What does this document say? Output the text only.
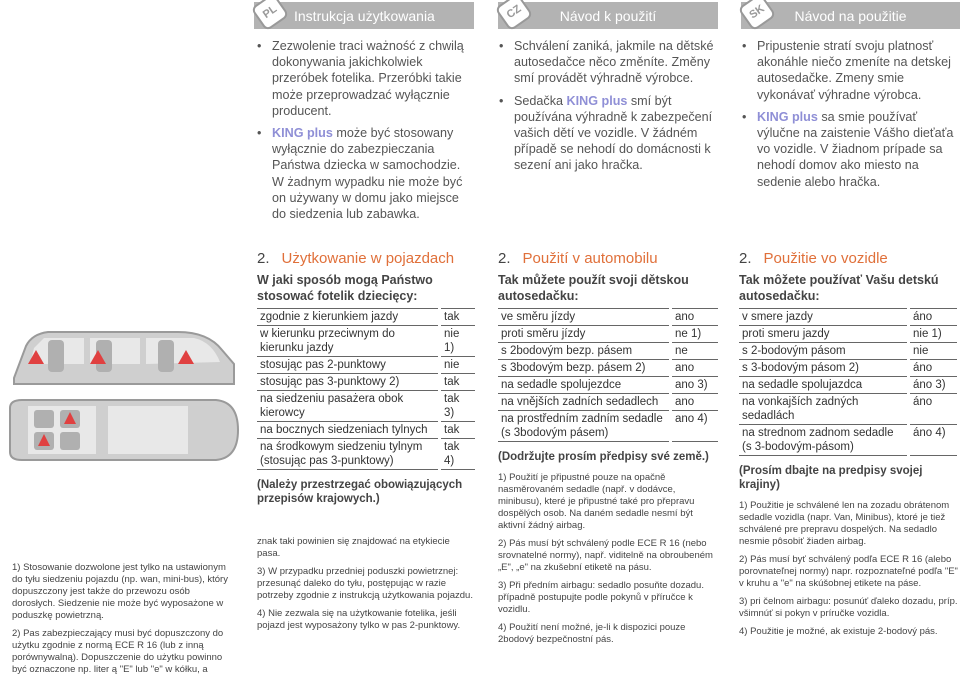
PL	Instrukcja użytkowania	CZ	Návod k použití	SK	Návod na použitie
• Zezwolenie traci ważność z chwilą dokonywania jakichkolwiek przeróbek fotelika. Przeróbki takie może przeprowadzać wyłącznie producent.
• KING plus może być stosowany wyłącznie do zabezpieczania Państwa dziecka w samochodzie. W żadnym wypadku nie może być on używany w domu jako miejsce do siedzenia lub zabawka.
• Schválení zaniká, jakmile na dětské autosedačce něco změníte. Změny smí provádět výhradně výrobce.
• Sedačka KING plus smí být používána výhradně k zabezpečení vašich dětí ve vozidle. V žádném případě se nehodí do domácnosti k sezení ani jako hračka.
• Pripustenie stratí svoju platnosť akonáhle niečo zmeníte na detskej autosedačke. Zmeny smie vykonávať výhradne výrobca.
• KING plus sa smie používať výlučne na zaistenie Vášho dieťaťa vo vozidle. V žiadnom prípade sa nehodí domov ako miesto na sedenie alebo hračka.

1) Stosowanie dozwolone jest tylko na ustawionym do tyłu siedzeniu pojazdu (np. wan, mini-bus), który dopuszczony jest także do przewozu osób dorosłych. Siedzenie nie może być wyposażone w poduszkę powietrzną.

2) Pas zabezpieczający musi być dopuszczony do użytku zgodnie z normą ECE R 16 (lub z inną porównywalną). Dopuszczenie do użytku powinno być oznaczone np. liter ą "E" lub "e" w kółku, a

2. Użytkowanie w pojazdach
W jaki sposób mogą Państwo stosować fotelik dziecięcy:
zgodnie z kierunkiem jazdy	tak
w kierunku przeciwnym do kierunku jazdy	nie 1)
stosując pas 2-punktowy	nie
stosując pas 3-punktowy 2)	tak
na siedzeniu pasażera obok kierowcy	tak 3)
na bocznych siedzeniach tylnych	tak
na środkowym siedzeniu tylnym (stosując pas 3-punktowy)	tak 4)
(Należy przestrzegać obowiązujących przepisów krajowych.)

znak taki powinien się znajdować na etykiecie pasa.

3) W przypadku przedniej poduszki powietrznej: przesunąć daleko do tyłu, postępując w razie potrzeby zgodnie z instrukcją użytkowania pojazdu.

4) Nie zezwala się na użytkowanie fotelika, jeśli pojazd jest wyposażony tylko w pas 2-punktowy.

2. Použití v automobilu
Tak můžete použít svoji dětskou autosedačku:
ve směru jízdy	ano
proti směru jízdy	ne 1)
s 2bodovým bezp. pásem	ne
s 3bodovým bezp. pásem 2)	ano
na sedadle spolujezdce	ano 3)
na vnějších zadních sedadlech	ano
na prostředním zadním sedadle (s 3bodovým pásem)	ano 4)
(Dodržujte prosím předpisy své země.)

1) Použití je připustné pouze na opačně nasměrovaném sedadle (např. v dodávce, minibusu), které je připustné také pro přepravu dospělých osob. Na daném sedadle nesmí být aktivní žádný airbag.

2) Pás musí být schválený podle ECE R 16 (nebo srovnatelné normy), např. viditelně na obroubeném „E", „e" na zkušební etiketě na pásu.

3) Při předním airbagu: sedadlo posuňte dozadu. případně postupujte podle pokynů v příručce k vozidlu.

4) Použití není možné, je-li k dispozici pouze 2bodový bezpečnostní pás.

2. Použitie vo vozidle
Tak môžete používať Vašu detskú autosedačku:
v smere jazdy	áno
proti smeru jazdy	nie 1)
s 2-bodovým pásom	nie
s 3-bodovým pásom 2)	áno
na sedadle spolujazdca	áno 3)
na vonkajších zadných sedadlách	áno
na strednom zadnom sedadle (s 3-bodovým-pásom)	áno 4)
(Prosím dbajte na predpisy svojej krajiny)

1) Použitie je schválené len na zozadu obrátenom sedadle vozidla (napr. Van, Minibus), ktoré je tiež schválené pre prepravu dospelých. Na sedadlo nesmie pôsobiť žiaden airbag.

2) Pás musí byť schválený podľa ECE R 16 (alebo porovnateľnej normy) napr. rozpoznateľné podľa "E" v kruhu a "e" na skúšobnej etikete na páse.

3) pri čelnom airbagu: posunúť ďaleko dozadu, príp. všimnúť si pokyn v príručke vozidla.

4) Použitie je možné, ak existuje 2-bodový pás.
